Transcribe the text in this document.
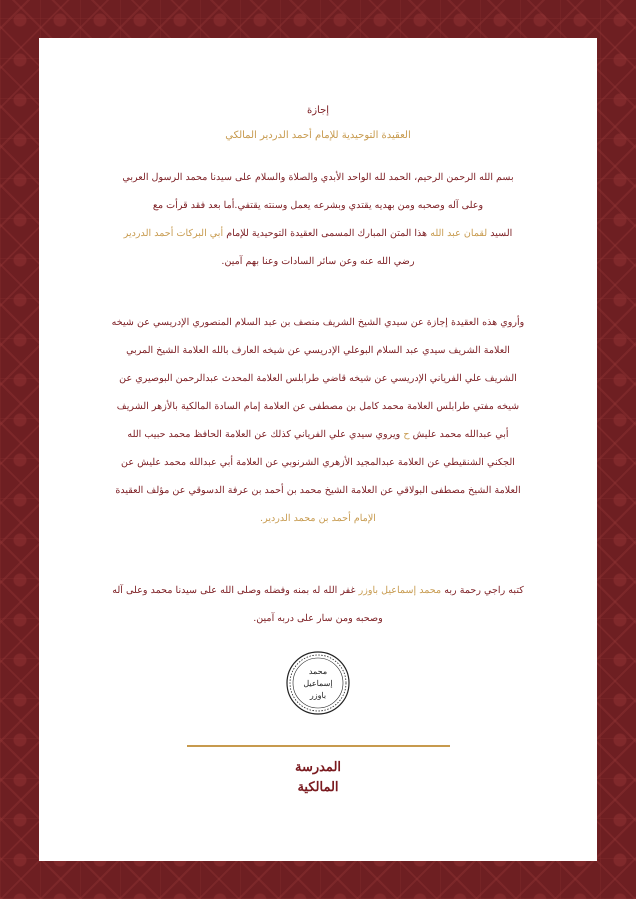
إجازة
العقيدة التوحيدية للإمام أحمد الدردير المالكي
بسم الله الرحمن الرحيم، الحمد لله الواحد الأبدي والصلاة والسلام على سيدنا محمد الرسول العربي
وعلى آله وصحبه ومن بهديه يقتدي وبشرعه يعمل وسنته يقتفي.أما بعد فقد قرأت مع
السيد لقمان عبد الله هذا المتن المبارك المسمى العقيدة التوحيدية للإمام أبي البركات أحمد الدردير
رضي الله عنه وعن سائر السادات وعنا بهم آمين.
وأروي هذه العقيدة إجازة عن سيدي الشيخ الشريف منصف بن عبد السلام المنصوري الإدريسي عن شيخه
العلامة الشريف سيدي عبد السلام البوعلي الإدريسي عن شيخه العارف بالله العلامة الشيخ المربي
الشريف علي الفرياني الإدريسي عن شيخه قاضي طرابلس العلامة المحدث عبدالرحمن البوصيري عن
شيخه مفتي طرابلس العلامة محمد كامل بن مصطفى عن العلامة إمام السادة المالكية بالأزهر الشريف
أبي عبدالله محمد عليش ح ويروي سيدي علي الفرياني كذلك عن العلامة الحافظ محمد حبيب الله
الجكني الشنقيطي عن العلامة عبدالمجيد الأزهري الشرنوبي عن العلامة أبي عبدالله محمد عليش عن
العلامة الشيخ مصطفى البولاقي عن العلامة الشيخ محمد بن أحمد بن عرفة الدسوقي عن مؤلف العقيدة
الإمام أحمد بن محمد الدردير.
كتبه راجي رحمة ربه محمد إسماعيل باوزر غفر الله له بمنه وفضله وصلى الله على سيدنا محمد وعلى آله
وصحبه ومن سار على دربه آمين.
محمد
إسماعيل
باوزر
المدرسة
المالكية
